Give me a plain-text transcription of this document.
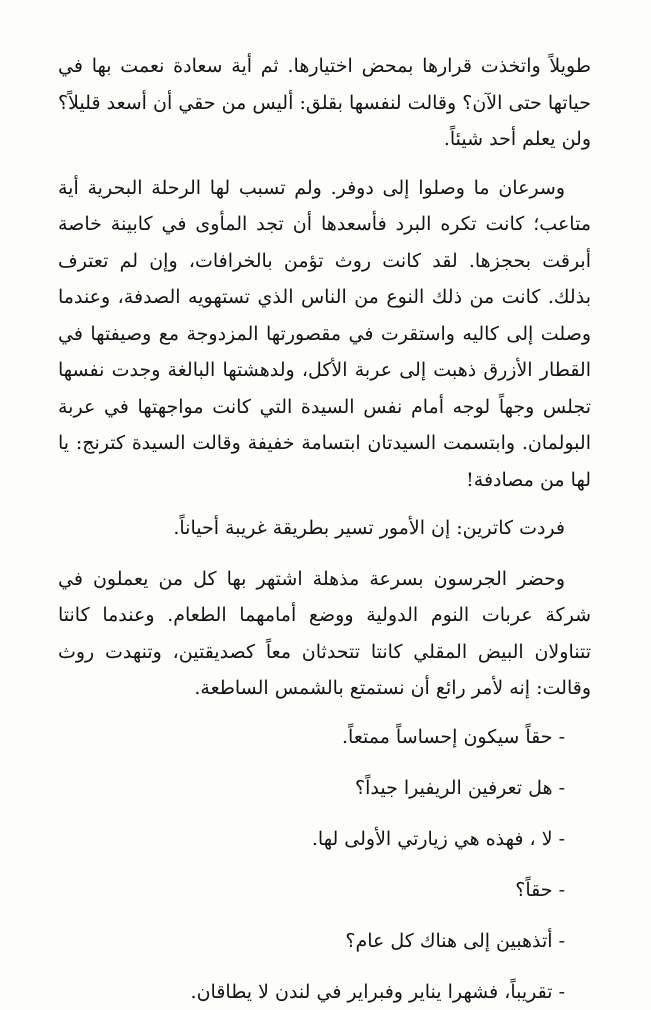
طويلاً واتخذت قرارها بمحض اختيارها. ثم أية سعادة نعمت بها في حياتها حتى الآن؟ وقالت لنفسها بقلق: أليس من حقي أن أسعد قليلاً؟ ولن يعلم أحد شيئاً.

وسرعان ما وصلوا إلى دوفر. ولم تسبب لها الرحلة البحرية أية متاعب؛ كانت تكره البرد فأسعدها أن تجد المأوى في كابينة خاصة أبرقت بحجزها. لقد كانت روث تؤمن بالخرافات، وإن لم تعترف بذلك. كانت من ذلك النوع من الناس الذي تستهويه الصدفة، وعندما وصلت إلى كاليه واستقرت في مقصورتها المزدوجة مع وصيفتها في القطار الأزرق ذهبت إلى عربة الأكل، ولدهشتها البالغة وجدت نفسها تجلس وجهاً لوجه أمام نفس السيدة التي كانت مواجهتها في عربة البولمان. وابتسمت السيدتان ابتسامة خفيفة وقالت السيدة كترنج: يا لها من مصادفة!

فردت كاترين: إن الأمور تسير بطريقة غريبة أحياناً.

وحضر الجرسون بسرعة مذهلة اشتهر بها كل من يعملون في شركة عربات النوم الدولية ووضع أمامهما الطعام. وعندما كانتا تتناولان البيض المقلي كانتا تتحدثان معاً كصديقتين، وتنهدت روث وقالت: إنه لأمر رائع أن نستمتع بالشمس الساطعة.

- حقاً سيكون إحساساً ممتعاً.
- هل تعرفين الريفيرا جيداً؟
- لا ، فهذه هي زيارتي الأولى لها.
- حقاً؟
- أتذهبين إلى هناك كل عام؟
- تقريباً، فشهرا يناير وفبراير في لندن لا يطاقان.
